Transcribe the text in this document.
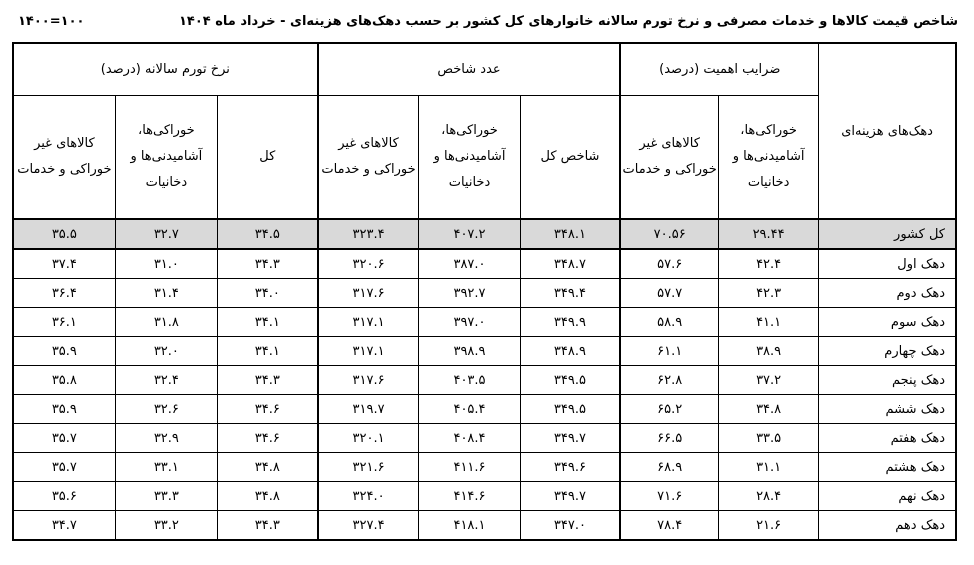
شاخص قیمت کالاها و خدمات مصرفی و نرخ تورم سالانه خانوارهای کل کشور بر حسب دهک‌های هزینه‌ای - خرداد ماه ۱۴۰۴
۱۴۰۰=۱۰۰
دهک‌های هزینه‌ای	ضرایب اهمیت (درصد)		عدد شاخص			نرخ تورم سالانه (درصد)		
	خوراکی‌ها، آشامیدنی‌ها و دخانیات	کالاهای غیر خوراکی و خدمات	شاخص کل	خوراکی‌ها، آشامیدنی‌ها و دخانیات	کالاهای غیر خوراکی و خدمات	کل	خوراکی‌ها، آشامیدنی‌ها و دخانیات	کالاهای غیر خوراکی و خدمات
کل کشور	۲۹.۴۴	۷۰.۵۶	۳۴۸.۱	۴۰۷.۲	۳۲۳.۴	۳۴.۵	۳۲.۷	۳۵.۵
دهک اول	۴۲.۴	۵۷.۶	۳۴۸.۷	۳۸۷.۰	۳۲۰.۶	۳۴.۳	۳۱.۰	۳۷.۴
دهک دوم	۴۲.۳	۵۷.۷	۳۴۹.۴	۳۹۲.۷	۳۱۷.۶	۳۴.۰	۳۱.۴	۳۶.۴
دهک سوم	۴۱.۱	۵۸.۹	۳۴۹.۹	۳۹۷.۰	۳۱۷.۱	۳۴.۱	۳۱.۸	۳۶.۱
دهک چهارم	۳۸.۹	۶۱.۱	۳۴۸.۹	۳۹۸.۹	۳۱۷.۱	۳۴.۱	۳۲.۰	۳۵.۹
دهک پنجم	۳۷.۲	۶۲.۸	۳۴۹.۵	۴۰۳.۵	۳۱۷.۶	۳۴.۳	۳۲.۴	۳۵.۸
دهک ششم	۳۴.۸	۶۵.۲	۳۴۹.۵	۴۰۵.۴	۳۱۹.۷	۳۴.۶	۳۲.۶	۳۵.۹
دهک هفتم	۳۳.۵	۶۶.۵	۳۴۹.۷	۴۰۸.۴	۳۲۰.۱	۳۴.۶	۳۲.۹	۳۵.۷
دهک هشتم	۳۱.۱	۶۸.۹	۳۴۹.۶	۴۱۱.۶	۳۲۱.۶	۳۴.۸	۳۳.۱	۳۵.۷
دهک نهم	۲۸.۴	۷۱.۶	۳۴۹.۷	۴۱۴.۶	۳۲۴.۰	۳۴.۸	۳۳.۳	۳۵.۶
دهک دهم	۲۱.۶	۷۸.۴	۳۴۷.۰	۴۱۸.۱	۳۲۷.۴	۳۴.۳	۳۳.۲	۳۴.۷
